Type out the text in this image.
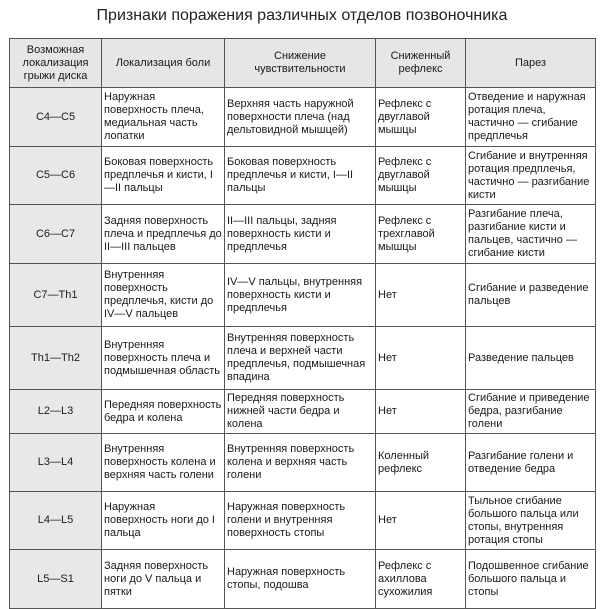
Признаки поражения различных отделов позвоночника
Возможная локализация грыжи диска	Локализация боли	Снижение чувствительности	Сниженный рефлекс	Парез
C4—C5	Наружная поверхность плеча, медиальная часть лопатки	Верхняя часть наружной поверхности плеча (над дельтовидной мышцей)	Рефлекс с двуглавой мышцы	Отведение и наружная ротация плеча, частично — сгибание предплечья
C5—C6	Боковая поверхность предплечья и кисти, I—II пальцы	Боковая поверхность предплечья и кисти, I—II пальцы	Рефлекс с двуглавой мышцы	Сгибание и внутренняя ротация предплечья, частично — разгибание кисти
C6—C7	Задняя поверхность плеча и предплечья до II—III пальцев	II—III пальцы, задняя поверхность кисти и предплечья	Рефлекс с трехглавой мышцы	Разгибание плеча, разгибание кисти и пальцев, частично — сгибание кисти
C7—Th1	Внутренняя поверхность предплечья, кисти до IV—V пальцев	IV—V пальцы, внутренняя поверхность кисти и предплечья	Нет	Сгибание и разведение пальцев
Th1—Th2	Внутренняя поверхность плеча и подмышечная область	Внутренняя поверхность плеча и верхней части предплечья, подмышечная впадина	Нет	Разведение пальцев
L2—L3	Передняя поверхность бедра и колена	Передняя поверхность нижней части бедра и колена	Нет	Сгибание и приведение бедра, разгибание голени
L3—L4	Внутренняя поверхность колена и верхняя часть голени	Внутренняя поверхность колена и верхняя часть голени	Коленный рефлекс	Разгибание голени и отведение бедра
L4—L5	Наружная поверхность ноги до I пальца	Наружная поверхность голени и внутренняя поверхность стопы	Нет	Тыльное сгибание большого пальца или стопы, внутренняя ротация стопы
L5—S1	Задняя поверхность ноги до V пальца и пятки	Наружная поверхность стопы, подошва	Рефлекс с ахиллова сухожилия	Подошвенное сгибание большого пальца и стопы
